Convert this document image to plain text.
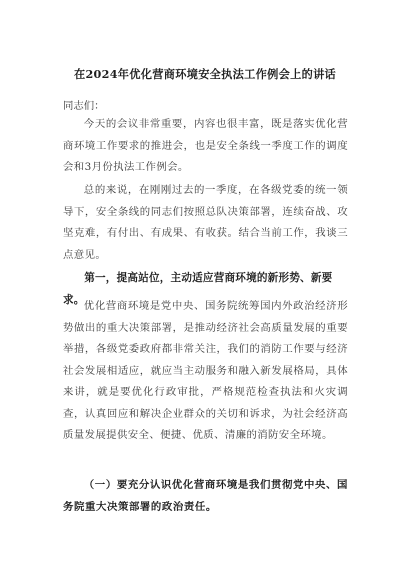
在2024年优化营商环境安全执法工作例会上的讲话
同志们：

今天的会议非常重要，内容也很丰富，既是落实优化营商环境工作要求的推进会，也是安全条线一季度工作的调度会和3月份执法工作例会。

总的来说，在刚刚过去的一季度，在各级党委的统一领导下，安全条线的同志们按照总队决策部署，连续奋战、攻坚克难，有付出、有成果、有收获。结合当前工作，我谈三点意见。

第一，提高站位，主动适应营商环境的新形势、新要求。

优化营商环境是党中央、国务院统筹国内外政治经济形势做出的重大决策部署，是推动经济社会高质量发展的重要举措，各级党委政府都非常关注，我们的消防工作要与经济社会发展相适应，就应当主动服务和融入新发展格局，具体来讲，就是要优化行政审批，严格规范检查执法和火灾调查，认真回应和解决企业群众的关切和诉求，为社会经济高质量发展提供安全、便捷、优质、清廉的消防安全环境。

（一）要充分认识优化营商环境是我们贯彻党中央、国务院重大决策部署的政治责任。
